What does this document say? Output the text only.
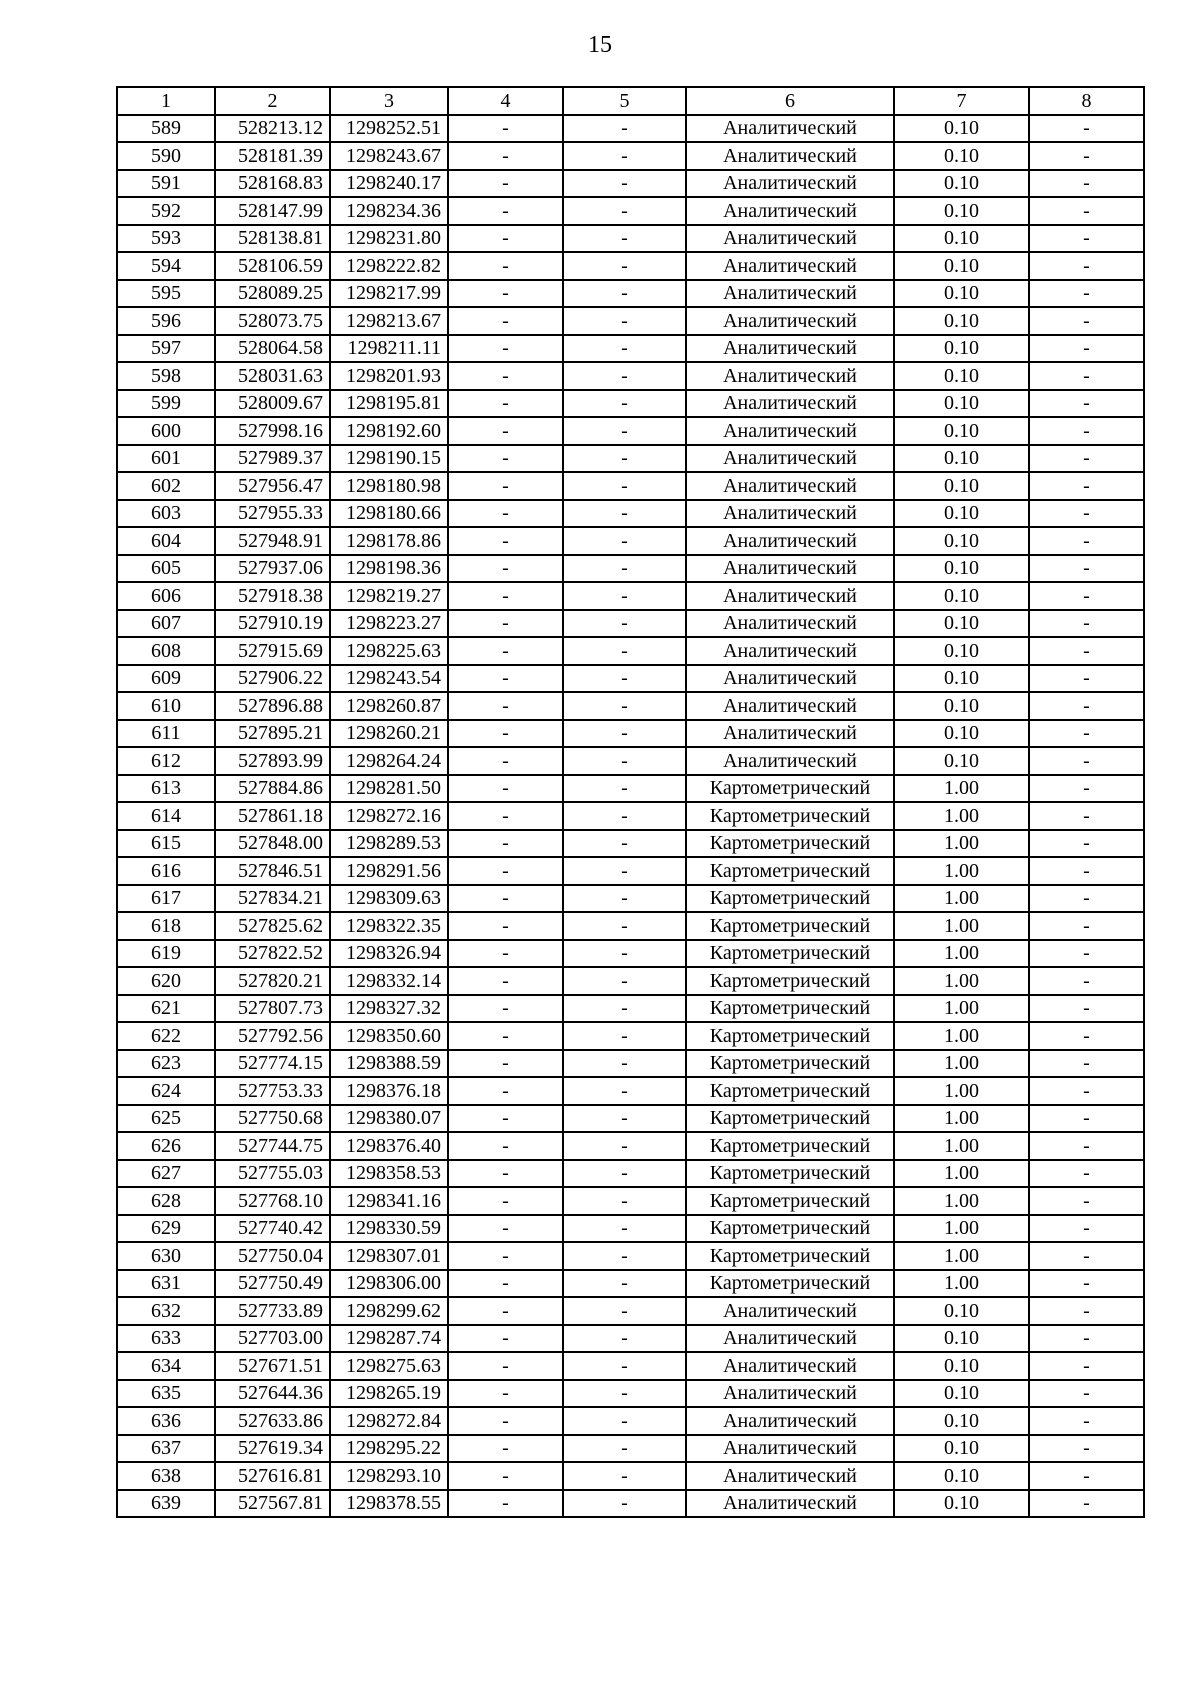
15
1	2	3	4	5	6	7	8
589	528213.12	1298252.51	-	-	Аналитический	0.10	-
590	528181.39	1298243.67	-	-	Аналитический	0.10	-
591	528168.83	1298240.17	-	-	Аналитический	0.10	-
592	528147.99	1298234.36	-	-	Аналитический	0.10	-
593	528138.81	1298231.80	-	-	Аналитический	0.10	-
594	528106.59	1298222.82	-	-	Аналитический	0.10	-
595	528089.25	1298217.99	-	-	Аналитический	0.10	-
596	528073.75	1298213.67	-	-	Аналитический	0.10	-
597	528064.58	1298211.11	-	-	Аналитический	0.10	-
598	528031.63	1298201.93	-	-	Аналитический	0.10	-
599	528009.67	1298195.81	-	-	Аналитический	0.10	-
600	527998.16	1298192.60	-	-	Аналитический	0.10	-
601	527989.37	1298190.15	-	-	Аналитический	0.10	-
602	527956.47	1298180.98	-	-	Аналитический	0.10	-
603	527955.33	1298180.66	-	-	Аналитический	0.10	-
604	527948.91	1298178.86	-	-	Аналитический	0.10	-
605	527937.06	1298198.36	-	-	Аналитический	0.10	-
606	527918.38	1298219.27	-	-	Аналитический	0.10	-
607	527910.19	1298223.27	-	-	Аналитический	0.10	-
608	527915.69	1298225.63	-	-	Аналитический	0.10	-
609	527906.22	1298243.54	-	-	Аналитический	0.10	-
610	527896.88	1298260.87	-	-	Аналитический	0.10	-
611	527895.21	1298260.21	-	-	Аналитический	0.10	-
612	527893.99	1298264.24	-	-	Аналитический	0.10	-
613	527884.86	1298281.50	-	-	Картометрический	1.00	-
614	527861.18	1298272.16	-	-	Картометрический	1.00	-
615	527848.00	1298289.53	-	-	Картометрический	1.00	-
616	527846.51	1298291.56	-	-	Картометрический	1.00	-
617	527834.21	1298309.63	-	-	Картометрический	1.00	-
618	527825.62	1298322.35	-	-	Картометрический	1.00	-
619	527822.52	1298326.94	-	-	Картометрический	1.00	-
620	527820.21	1298332.14	-	-	Картометрический	1.00	-
621	527807.73	1298327.32	-	-	Картометрический	1.00	-
622	527792.56	1298350.60	-	-	Картометрический	1.00	-
623	527774.15	1298388.59	-	-	Картометрический	1.00	-
624	527753.33	1298376.18	-	-	Картометрический	1.00	-
625	527750.68	1298380.07	-	-	Картометрический	1.00	-
626	527744.75	1298376.40	-	-	Картометрический	1.00	-
627	527755.03	1298358.53	-	-	Картометрический	1.00	-
628	527768.10	1298341.16	-	-	Картометрический	1.00	-
629	527740.42	1298330.59	-	-	Картометрический	1.00	-
630	527750.04	1298307.01	-	-	Картометрический	1.00	-
631	527750.49	1298306.00	-	-	Картометрический	1.00	-
632	527733.89	1298299.62	-	-	Аналитический	0.10	-
633	527703.00	1298287.74	-	-	Аналитический	0.10	-
634	527671.51	1298275.63	-	-	Аналитический	0.10	-
635	527644.36	1298265.19	-	-	Аналитический	0.10	-
636	527633.86	1298272.84	-	-	Аналитический	0.10	-
637	527619.34	1298295.22	-	-	Аналитический	0.10	-
638	527616.81	1298293.10	-	-	Аналитический	0.10	-
639	527567.81	1298378.55	-	-	Аналитический	0.10	-
